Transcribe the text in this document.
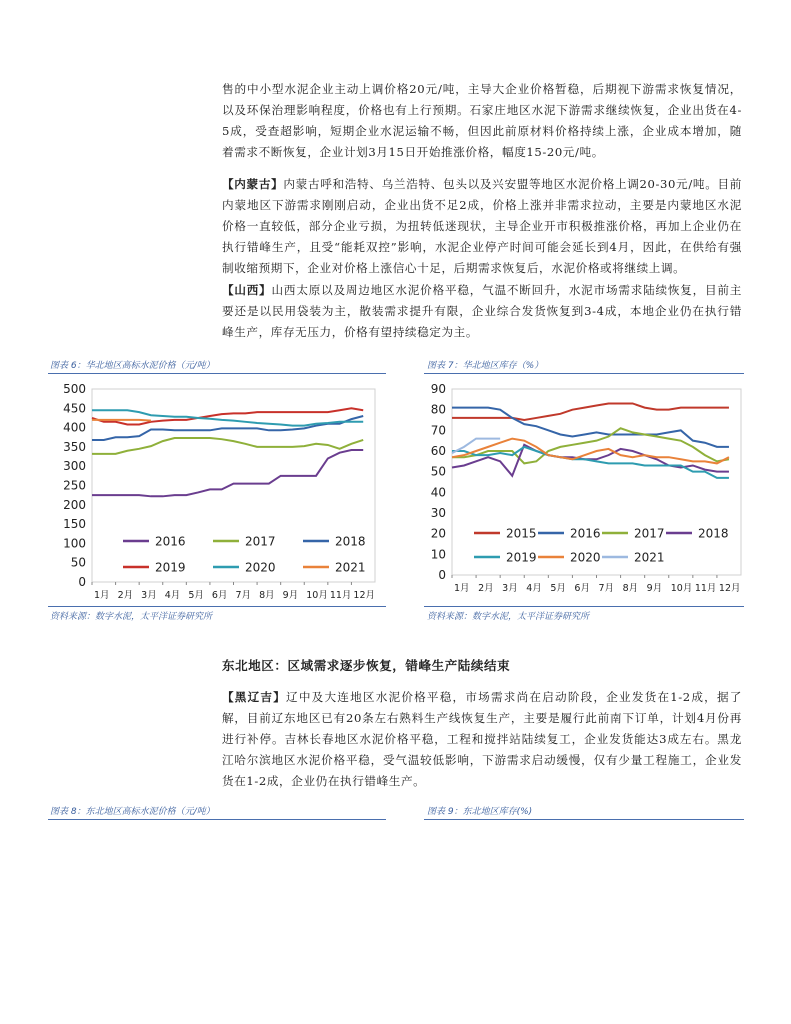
售的中小型水泥企业主动上调价格20元/吨，主导大企业价格暂稳，后期视下游需求恢复情况，以及环保治理影响程度，价格也有上行预期。石家庄地区水泥下游需求继续恢复，企业出货在4-5成，受查超影响，短期企业水泥运输不畅，但因此前原材料价格持续上涨，企业成本增加，随着需求不断恢复，企业计划3月15日开始推涨价格，幅度15-20元/吨。

【内蒙古】内蒙古呼和浩特、乌兰浩特、包头以及兴安盟等地区水泥价格上调20-30元/吨。目前内蒙地区下游需求刚刚启动，企业出货不足2成，价格上涨并非需求拉动，主要是内蒙地区水泥价格一直较低，部分企业亏损，为扭转低迷现状，主导企业开市积极推涨价格，再加上企业仍在执行错峰生产，且受“能耗双控”影响，水泥企业停产时间可能会延长到4月，因此，在供给有强制收缩预期下，企业对价格上涨信心十足，后期需求恢复后，水泥价格或将继续上调。

【山西】山西太原以及周边地区水泥价格平稳，气温不断回升，水泥市场需求陆续恢复，目前主要还是以民用袋装为主，散装需求提升有限，企业综合发货恢复到3-4成，本地企业仍在执行错峰生产，库存无压力，价格有望持续稳定为主。

图表 6：华北地区高标水泥价格（元/吨）
0
50
100
150
200
250
300
350
400
450
500
1月 2月 3月 4月 5月 6月 7月 8月 9月 10月 11月 12月
2016	2017	2018
2019	2020	2021
资料来源：数字水泥，太平洋证券研究所
图表 7：华北地区库存（%）
0
10
20
30
40
50
60
70
80
90
1月 2月 3月 4月 5月 6月 7月 8月 9月 10月 11月 12月
2015	2016	2017	2018
2019	2020	2021
资料来源：数字水泥，太平洋证券研究所
东北地区：区域需求逐步恢复，错峰生产陆续结束

【黑辽吉】辽中及大连地区水泥价格平稳，市场需求尚在启动阶段，企业发货在1-2成，据了解，目前辽东地区已有20条左右熟料生产线恢复生产，主要是履行此前南下订单，计划4月份再进行补停。吉林长春地区水泥价格平稳，工程和搅拌站陆续复工，企业发货能达3成左右。黑龙江哈尔滨地区水泥价格平稳，受气温较低影响，下游需求启动缓慢，仅有少量工程施工，企业发货在1-2成，企业仍在执行错峰生产。

图表 8：东北地区高标水泥价格（元/吨）	图表 9：东北地区库存(%)
